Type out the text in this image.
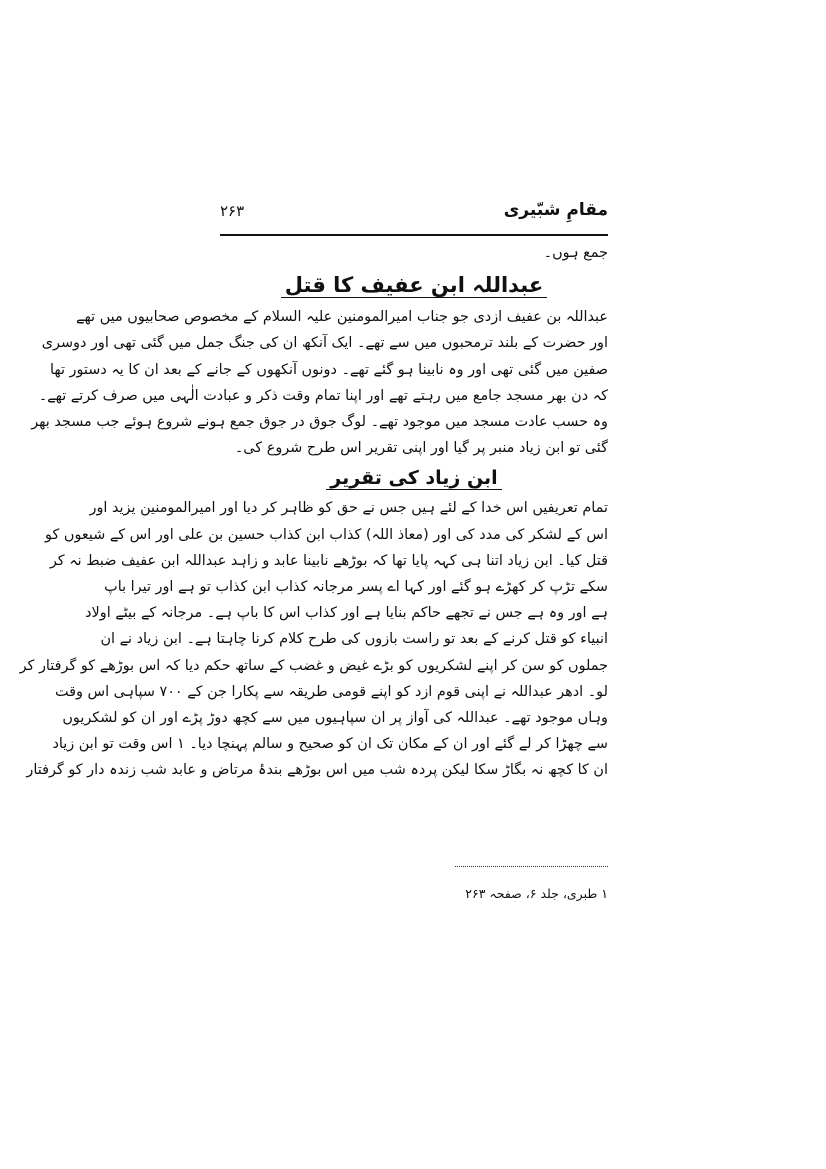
مقامِ شبّیری
۲۶۳
جمع ہوں۔
عبداللہ ابن عفیف کا قتل
عبداللہ بن عفیف ازدی جو جناب امیرالمومنین علیہ السلام کے مخصوص صحابیوں میں تھے
اور حضرت کے بلند ترمحبوں میں سے تھے۔ ایک آنکھ ان کی جنگ جمل میں گئی تھی اور دوسری
صفین میں گئی تھی اور وہ نابینا ہو گئے تھے۔ دونوں آنکھوں کے جانے کے بعد ان کا یہ دستور تھا
کہ دن بھر مسجد جامع میں رہتے تھے اور اپنا تمام وقت ذکر و عبادت الٰہی میں صرف کرتے تھے۔
وہ حسب عادت مسجد میں موجود تھے۔ لوگ جوق در جوق جمع ہونے شروع ہوئے جب مسجد بھر
گئی تو ابن زیاد منبر پر گیا اور اپنی تقریر اس طرح شروع کی۔
ابن زیاد کی تقریر
تمام تعریفیں اس خدا کے لئے ہیں جس نے حق کو ظاہر کر دیا اور امیرالمومنین یزید اور
اس کے لشکر کی مدد کی اور (معاذ اللہ) کذاب ابن کذاب حسین بن علی اور اس کے شیعوں کو
قتل کیا۔ ابن زیاد اتنا ہی کہہ پایا تھا کہ بوڑھے نابینا عابد و زاہد عبداللہ ابن عفیف ضبط نہ کر
سکے تڑپ کر کھڑے ہو گئے اور کہا اے پسر مرجانہ کذاب ابن کذاب تو ہے اور تیرا باپ
ہے اور وہ ہے جس نے تجھے حاکم بنایا ہے اور کذاب اس کا باپ ہے۔ مرجانہ کے بیٹے اولاد
انبیاء کو قتل کرنے کے بعد تو راست بازوں کی طرح کلام کرنا چاہتا ہے۔ ابن زیاد نے ان
جملوں کو سن کر اپنے لشکریوں کو بڑے غیض و غضب کے ساتھ حکم دیا کہ اس بوڑھے کو گرفتار کر
لو۔ ادھر عبداللہ نے اپنی قوم ازد کو اپنے قومی طریقہ سے پکارا جن کے ۷۰۰ سپاہی اس وقت
وہاں موجود تھے۔ عبداللہ کی آواز پر ان سپاہیوں میں سے کچھ دوڑ پڑے اور ان کو لشکریوں
سے چھڑا کر لے گئے اور ان کے مکان تک ان کو صحیح و سالم پہنچا دیا۔ ۱ اس وقت تو ابن زیاد
ان کا کچھ نہ بگاڑ سکا لیکن پردہ شب میں اس بوڑھے بندۂ مرتاض و عابد شب زندہ دار کو گرفتار
۱ طبری، جلد ۶، صفحہ ۲۶۳
